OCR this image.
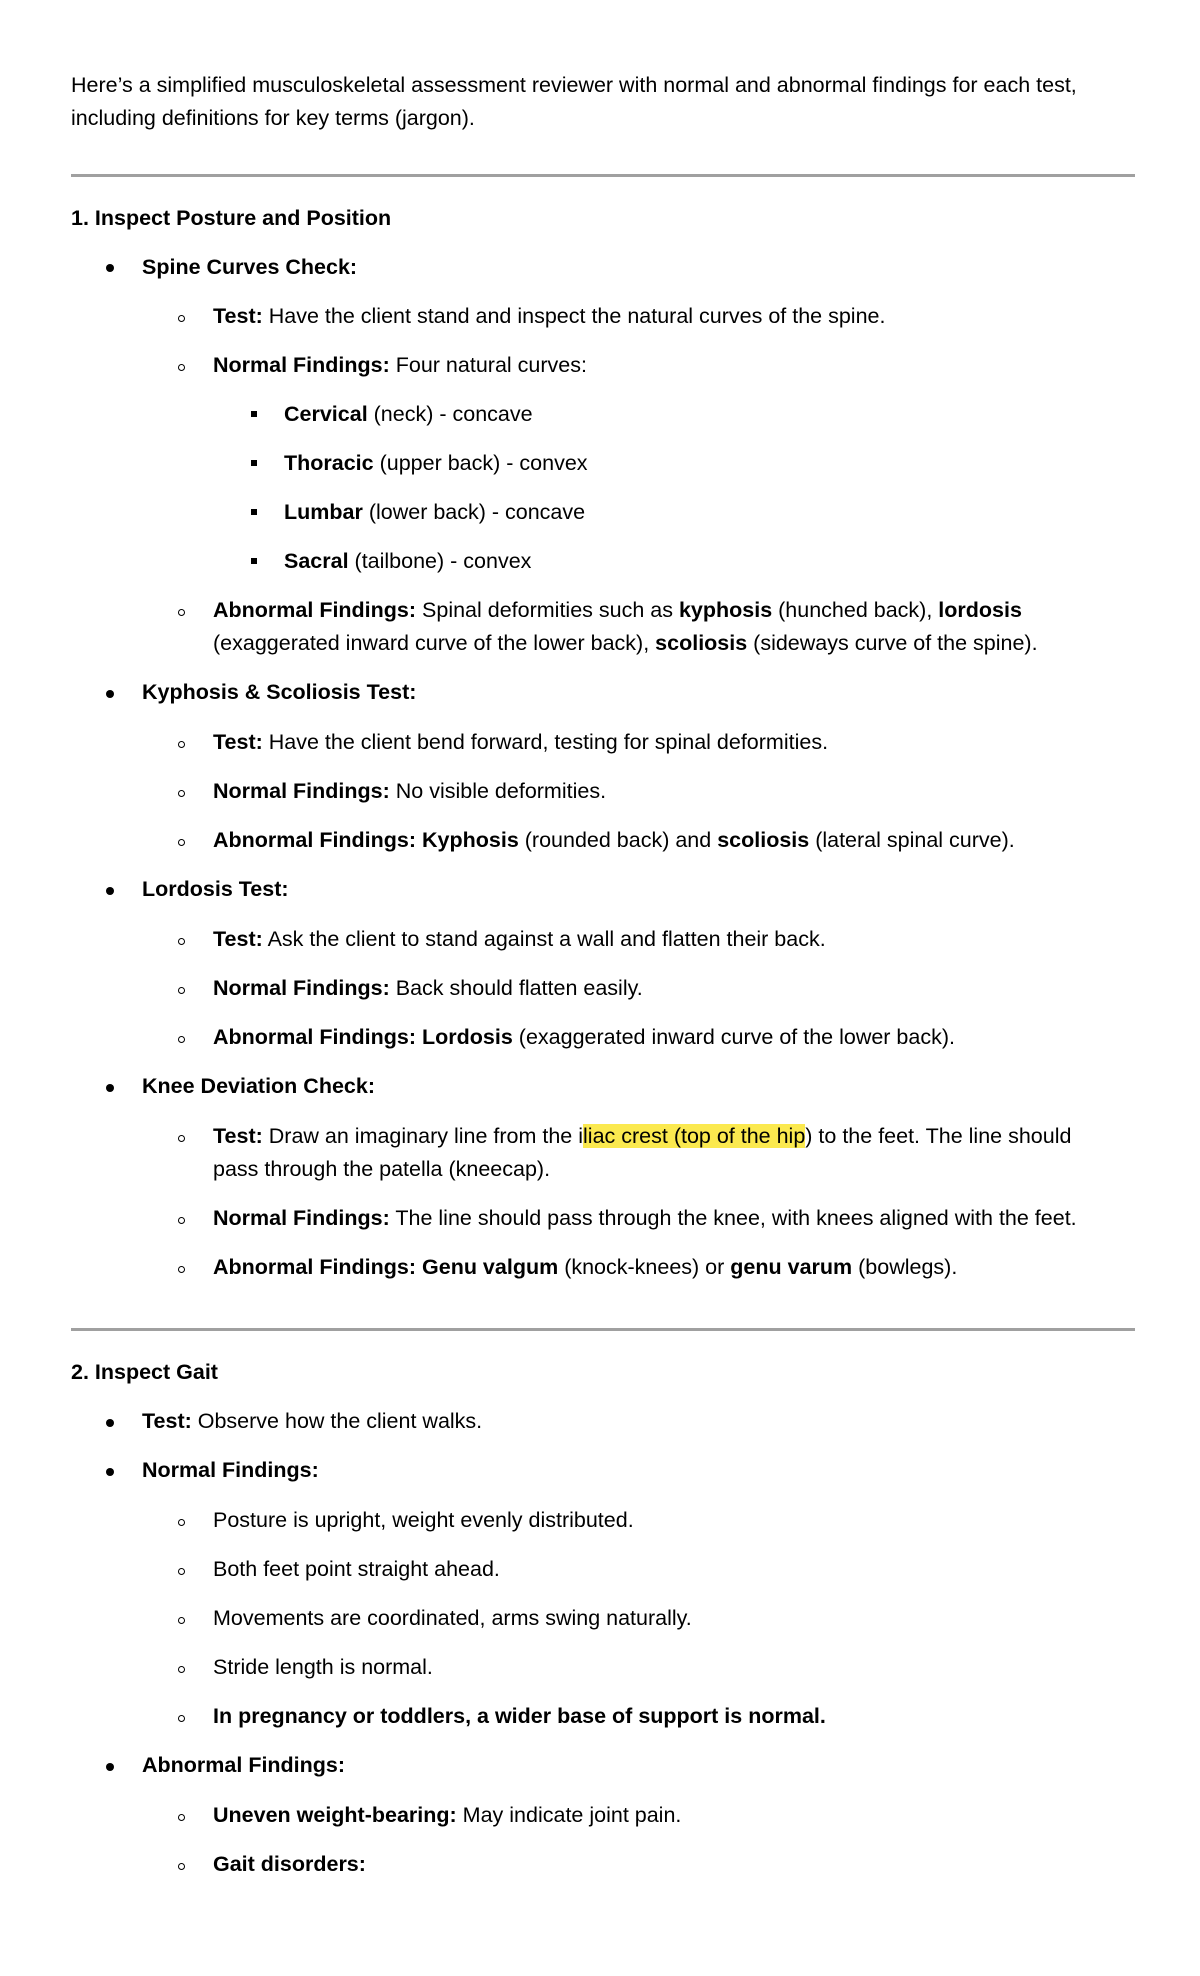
Here’s a simplified musculoskeletal assessment reviewer with normal and abnormal findings for each test, including definitions for key terms (jargon).

1. Inspect Posture and Position
Spine Curves Check:
Test: Have the client stand and inspect the natural curves of the spine.
Normal Findings: Four natural curves:
Cervical (neck) - concave
Thoracic (upper back) - convex
Lumbar (lower back) - concave
Sacral (tailbone) - convex
Abnormal Findings: Spinal deformities such as kyphosis (hunched back), lordosis
(exaggerated inward curve of the lower back), scoliosis (sideways curve of the spine).
Kyphosis & Scoliosis Test:
Test: Have the client bend forward, testing for spinal deformities.
Normal Findings: No visible deformities.
Abnormal Findings: Kyphosis (rounded back) and scoliosis (lateral spinal curve).
Lordosis Test:
Test: Ask the client to stand against a wall and flatten their back.
Normal Findings: Back should flatten easily.
Abnormal Findings: Lordosis (exaggerated inward curve of the lower back).
Knee Deviation Check:
Test: Draw an imaginary line from the iliac crest (top of the hip) to the feet. The line should
pass through the patella (kneecap).
Normal Findings: The line should pass through the knee, with knees aligned with the feet.
Abnormal Findings: Genu valgum (knock-knees) or genu varum (bowlegs).
2. Inspect Gait
Test: Observe how the client walks.
Normal Findings:
Posture is upright, weight evenly distributed.
Both feet point straight ahead.
Movements are coordinated, arms swing naturally.
Stride length is normal.
In pregnancy or toddlers, a wider base of support is normal.
Abnormal Findings:
Uneven weight-bearing: May indicate joint pain.
Gait disorders:
